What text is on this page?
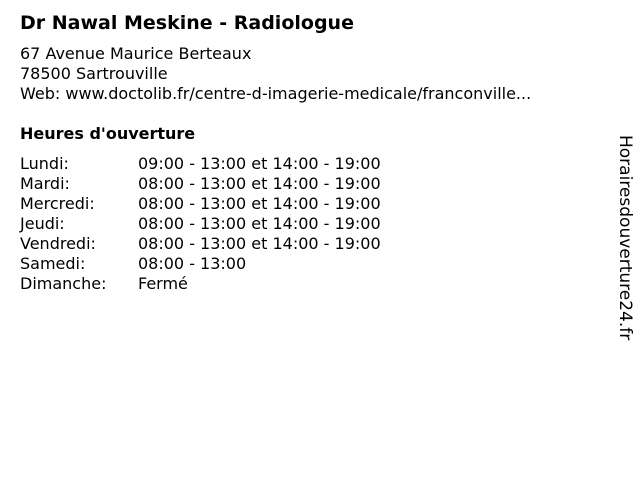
Dr Nawal Meskine - Radiologue
67 Avenue Maurice Berteaux
78500 Sartrouville
Web: www.doctolib.fr/centre-d-imagerie-medicale/franconville...
Heures d'ouverture
Lundi:	09:00 - 13:00 et 14:00 - 19:00
Mardi:	08:00 - 13:00 et 14:00 - 19:00
Mercredi:	08:00 - 13:00 et 14:00 - 19:00
Jeudi:	08:00 - 13:00 et 14:00 - 19:00
Vendredi:	08:00 - 13:00 et 14:00 - 19:00
Samedi:	08:00 - 13:00
Dimanche: Fermé	Horairesdouverture24.fr
